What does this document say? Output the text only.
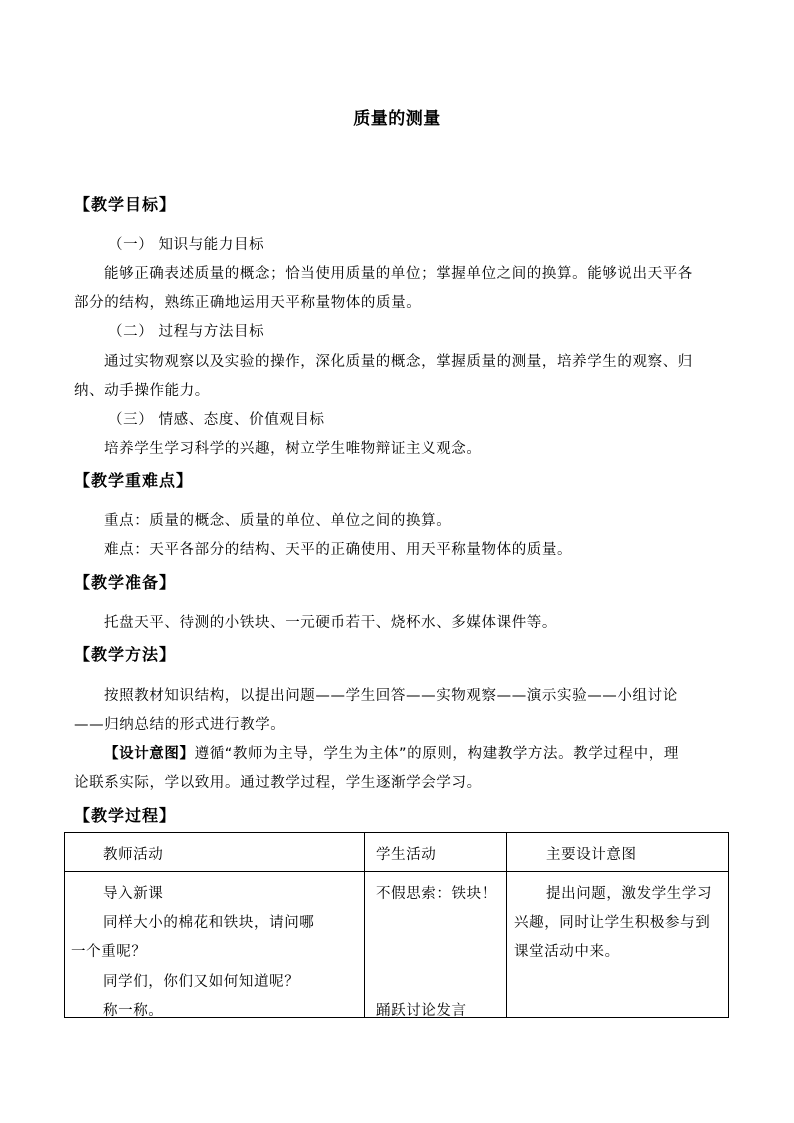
质量的测量
【教学目标】
（一） 知识与能力目标
能够正确表述质量的概念；恰当使用质量的单位；掌握单位之间的换算。能够说出天平各
部分的结构，熟练正确地运用天平称量物体的质量。
（二） 过程与方法目标
通过实物观察以及实验的操作，深化质量的概念，掌握质量的测量，培养学生的观察、归
纳、动手操作能力。
（三） 情感、态度、价值观目标
培养学生学习科学的兴趣，树立学生唯物辩证主义观念。
【教学重难点】
重点：质量的概念、质量的单位、单位之间的换算。
难点：天平各部分的结构、天平的正确使用、用天平称量物体的质量。
【教学准备】
托盘天平、待测的小铁块、一元硬币若干、烧杯水、多媒体课件等。
【教学方法】
按照教材知识结构，以提出问题——学生回答——实物观察——演示实验——小组讨论
——归纳总结的形式进行教学。
【设计意图】遵循“教师为主导，学生为主体”的原则，构建教学方法。教学过程中，理
论联系实际，学以致用。通过教学过程，学生逐渐学会学习。
【教学过程】
教师活动	学生活动	主要设计意图
导入新课
同样大小的棉花和铁块，请问哪
一个重呢？
同学们，你们又如何知道呢？
称一称。
不假思索：铁块！
踊跃讨论发言
提出问题，激发学生学习
兴趣，同时让学生积极参与到
课堂活动中来。
